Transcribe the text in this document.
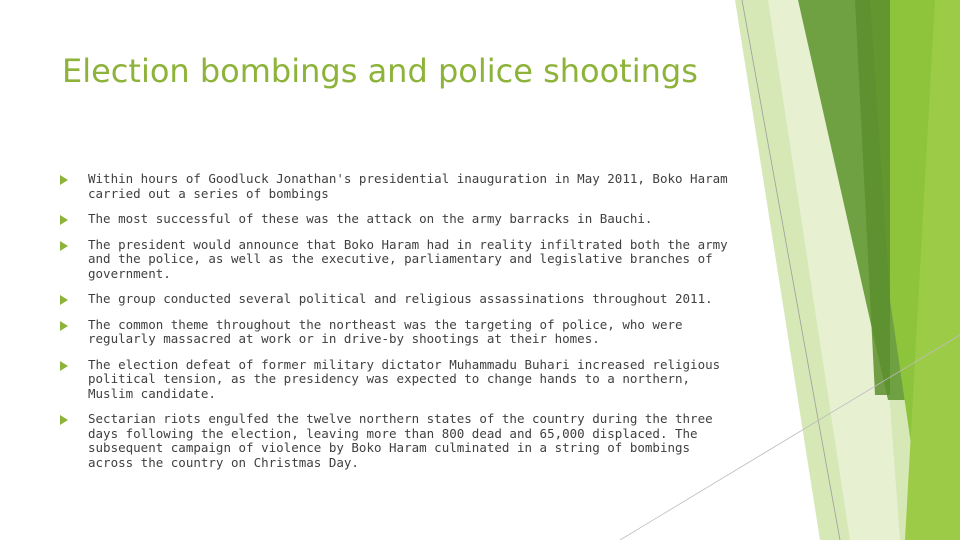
Election bombings and police shootings
Within hours of Goodluck Jonathan's presidential inauguration in May 2011, Boko Haram carried out a series of bombings
The most successful of these was the attack on the army barracks in Bauchi.
The president would announce that Boko Haram had in reality infiltrated both the army and the police, as well as the executive, parliamentary and legislative branches of government.
The group conducted several political and religious assassinations throughout 2011.
The common theme throughout the northeast was the targeting of police, who were regularly massacred at work or in drive-by shootings at their homes.
The election defeat of former military dictator Muhammadu Buhari increased religious political tension, as the presidency was expected to change hands to a northern, Muslim candidate.
Sectarian riots engulfed the twelve northern states of the country during the three days following the election, leaving more than 800 dead and 65,000 displaced. The subsequent campaign of violence by Boko Haram culminated in a string of bombings across the country on Christmas Day.
